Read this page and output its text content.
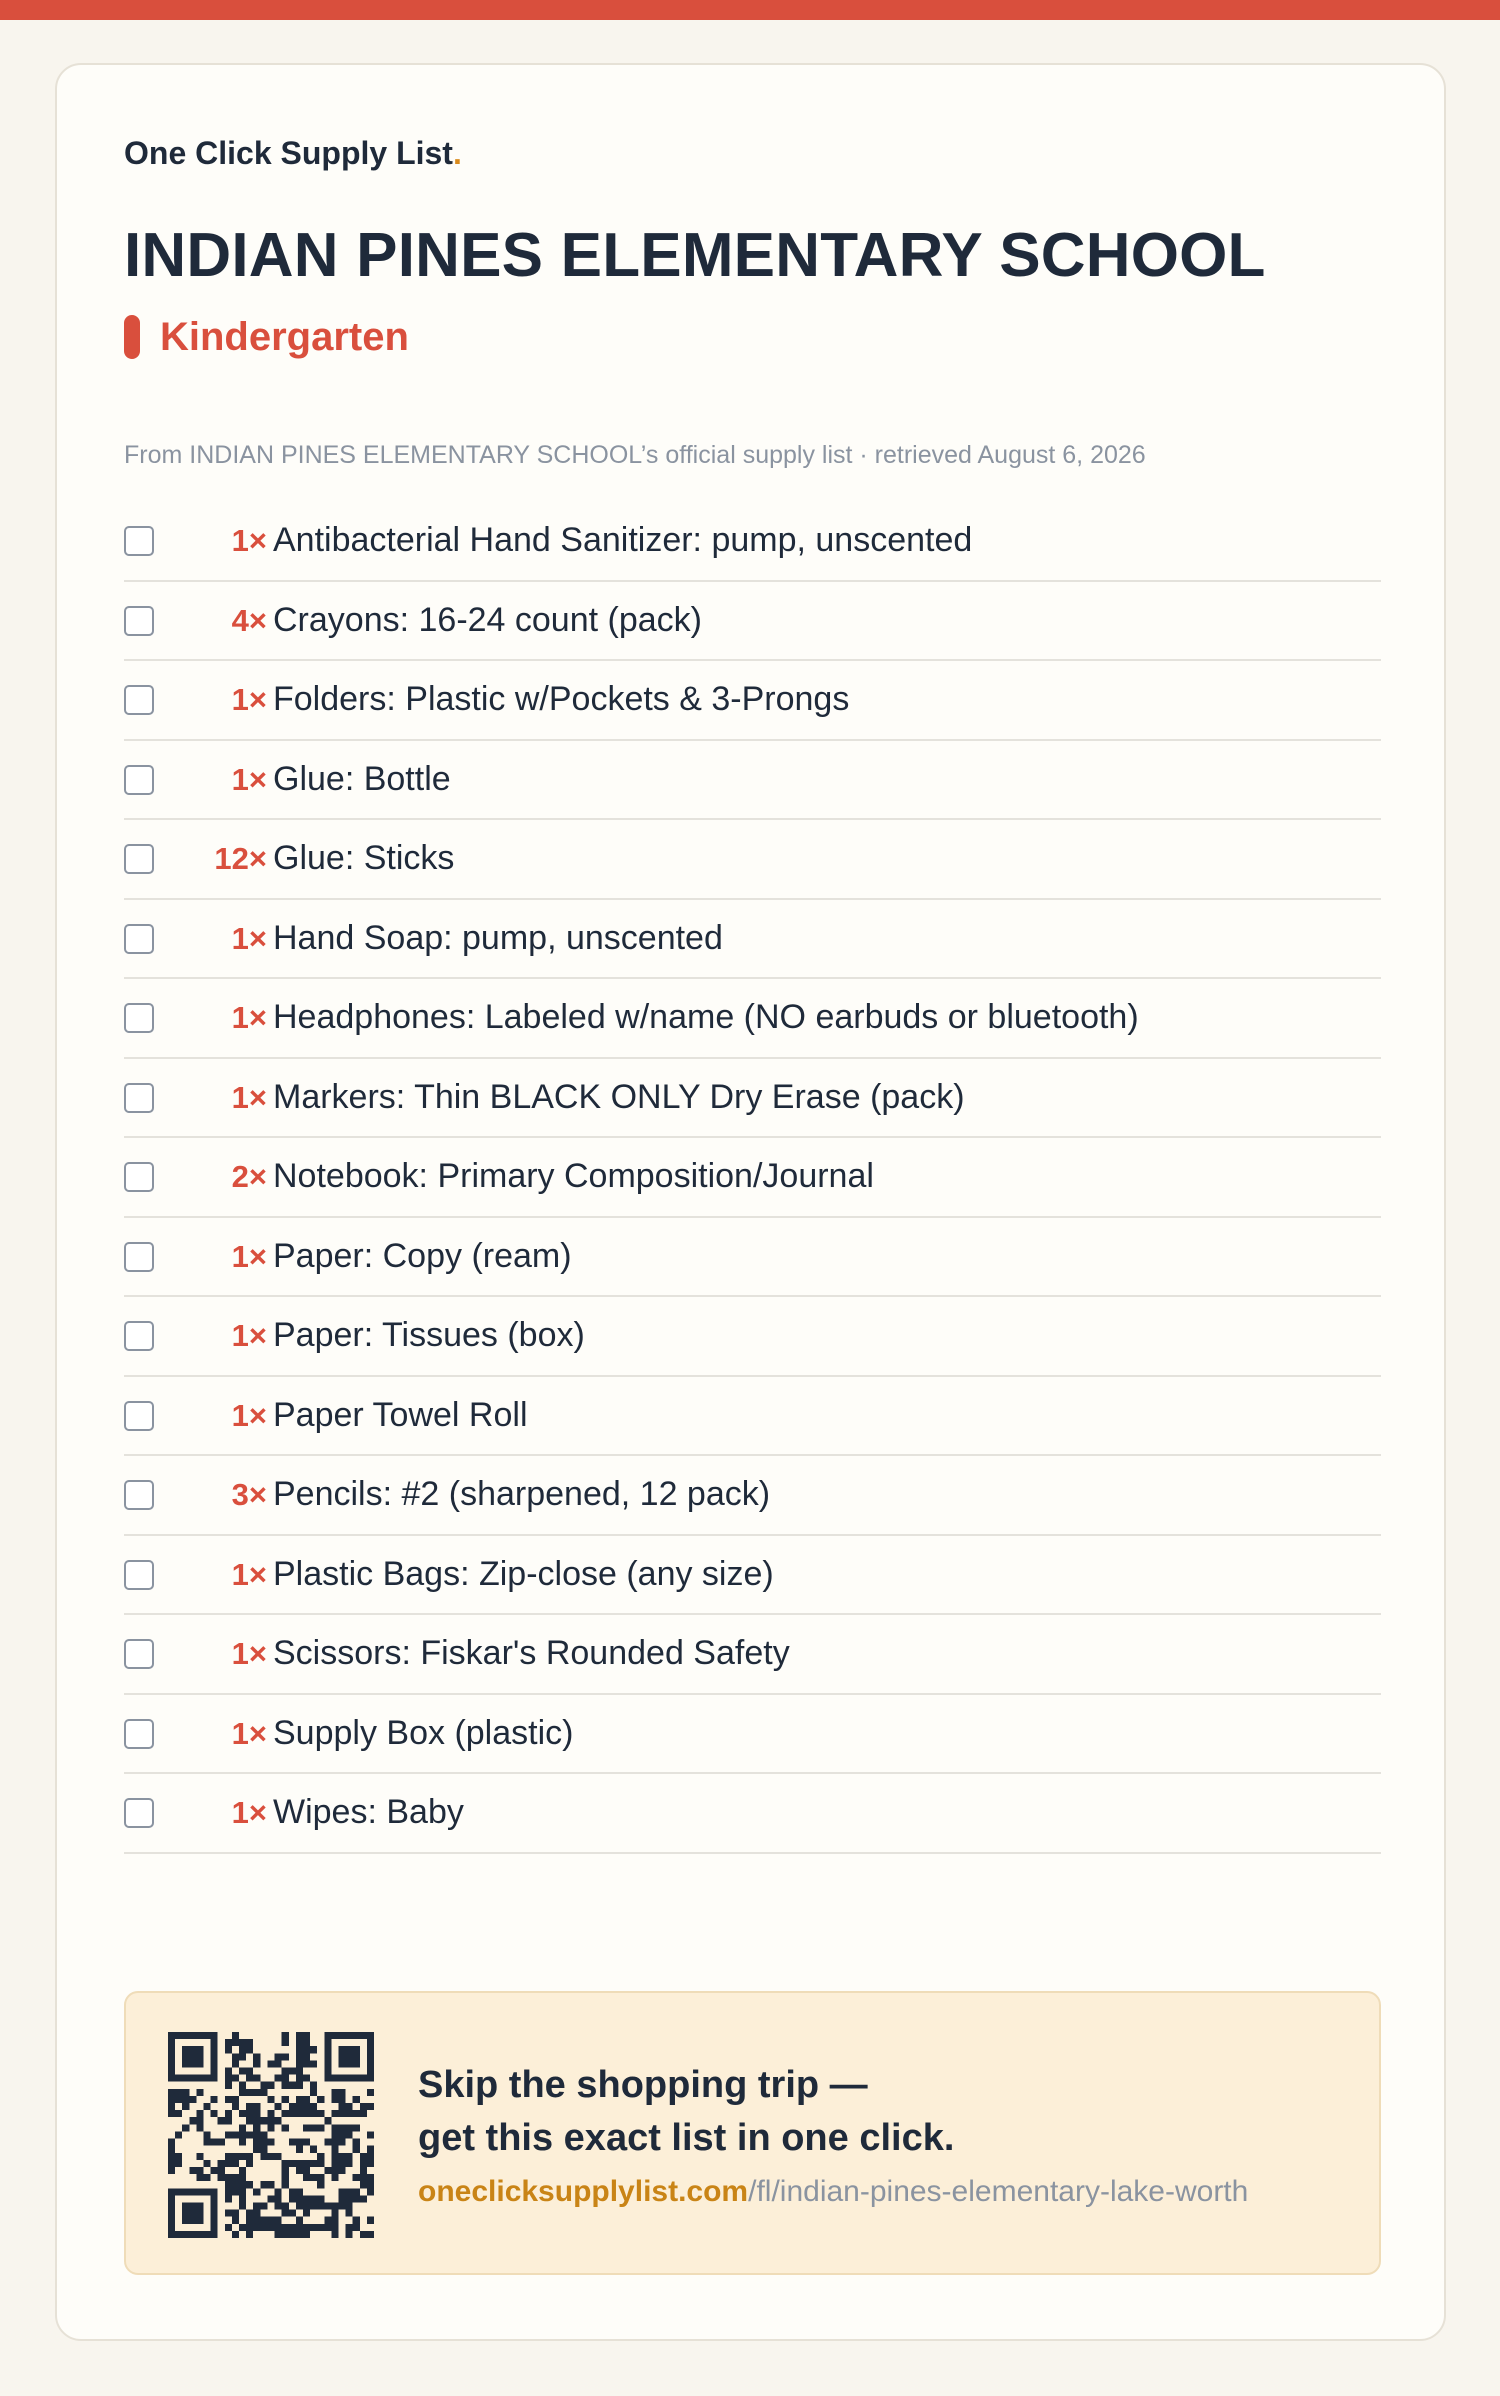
One Click Supply List.
INDIAN PINES ELEMENTARY SCHOOL
Kindergarten
From INDIAN PINES ELEMENTARY SCHOOL’s official supply list · retrieved August 6, 2026
1× Antibacterial Hand Sanitizer: pump, unscented
4× Crayons: 16-24 count (pack)
1× Folders: Plastic w/Pockets & 3-Prongs
1× Glue: Bottle
12× Glue: Sticks
1× Hand Soap: pump, unscented
1× Headphones: Labeled w/name (NO earbuds or bluetooth)
1× Markers: Thin BLACK ONLY Dry Erase (pack)
2× Notebook: Primary Composition/Journal
1× Paper: Copy (ream)
1× Paper: Tissues (box)
1× Paper Towel Roll
3× Pencils: #2 (sharpened, 12 pack)
1× Plastic Bags: Zip-close (any size)
1× Scissors: Fiskar's Rounded Safety
1× Supply Box (plastic)
1× Wipes: Baby
Skip the shopping trip —
get this exact list in one click.
oneclicksupplylist.com/fl/indian-pines-elementary-lake-worth
